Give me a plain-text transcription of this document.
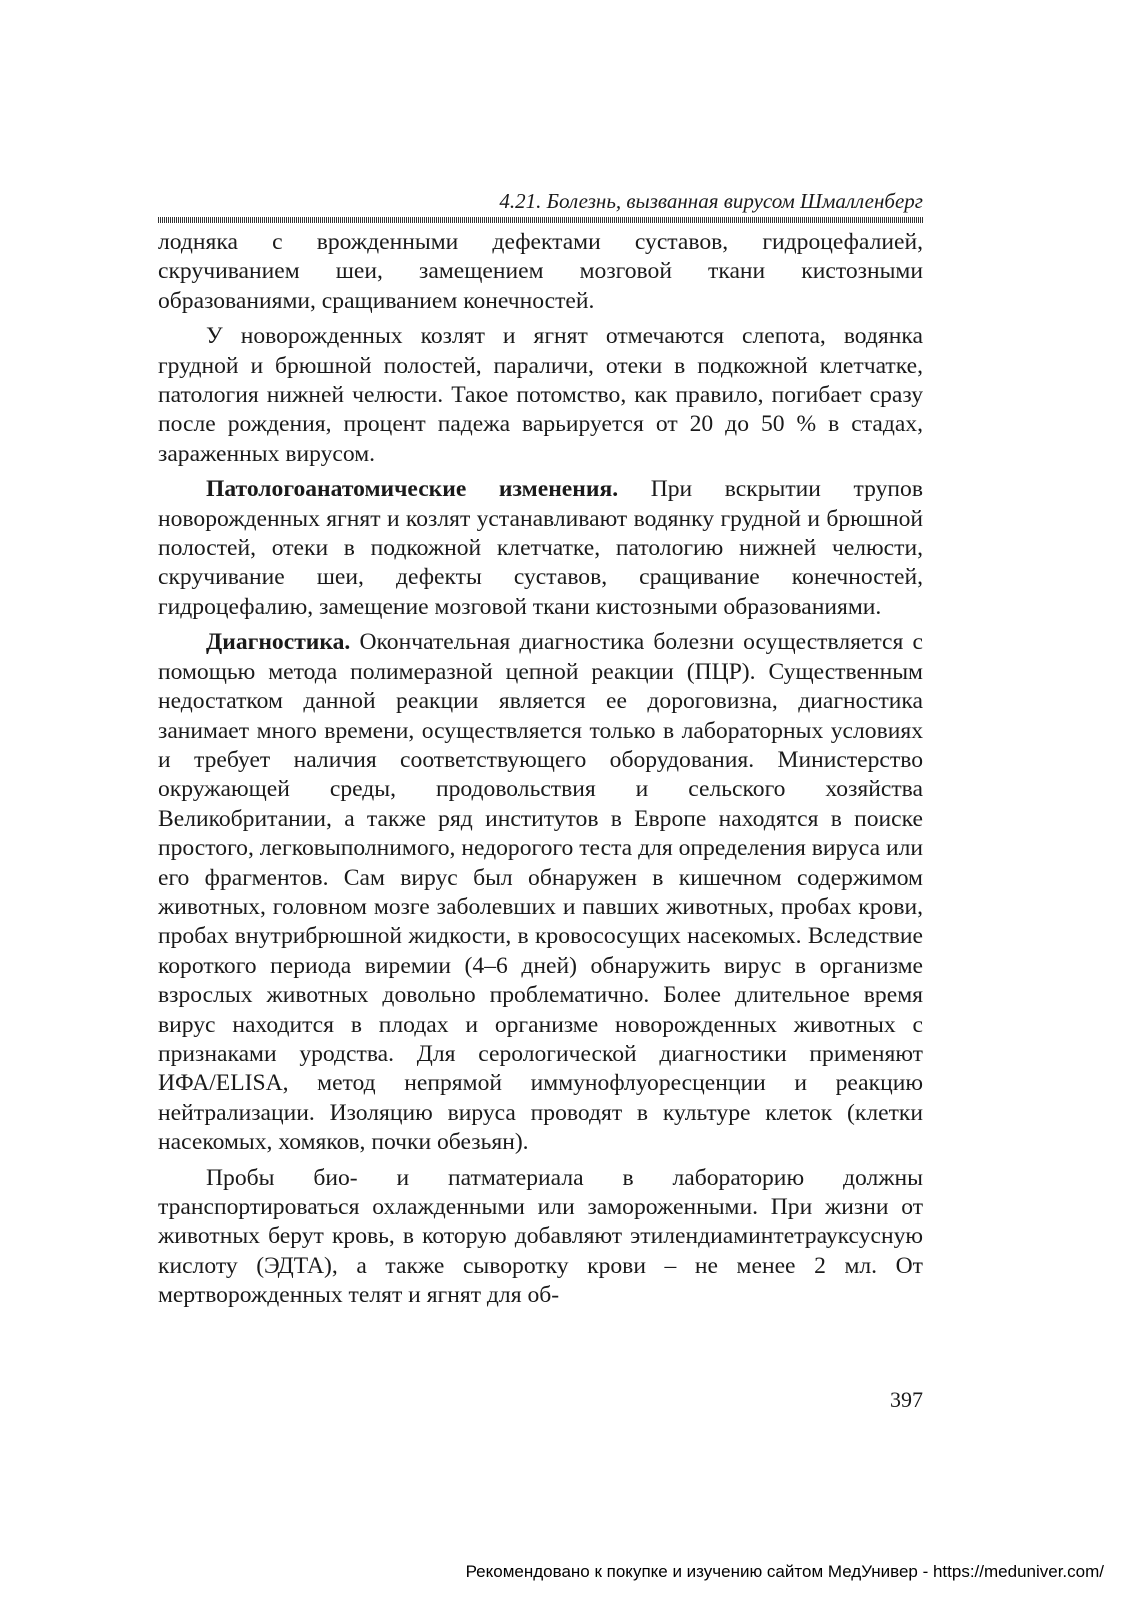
4.21. Болезнь, вызванная вирусом Шмалленберг

лодняка с врожденными дефектами суставов, гидроцефалией, скручиванием шеи, замещением мозговой ткани кистозными образованиями, сращиванием конечностей.

У новорожденных козлят и ягнят отмечаются слепота, водянка грудной и брюшной полостей, параличи, отеки в подкожной клетчатке, патология нижней челюсти. Такое потомство, как правило, погибает сразу после рождения, процент падежа варьируется от 20 до 50 % в стадах, зараженных вирусом.

Патологоанатомические изменения. При вскрытии трупов новорожденных ягнят и козлят устанавливают водянку грудной и брюшной полостей, отеки в подкожной клетчатке, патологию нижней челюсти, скручивание шеи, дефекты суставов, сращивание конечностей, гидроцефалию, замещение мозговой ткани кистозными образованиями.

Диагностика. Окончательная диагностика болезни осуществляется с помощью метода полимеразной цепной реакции (ПЦР). Существенным недостатком данной реакции является ее дороговизна, диагностика занимает много времени, осуществляется только в лабораторных условиях и требует наличия соответствующего оборудования. Министерство окружающей среды, продовольствия и сельского хозяйства Великобритании, а также ряд институтов в Европе находятся в поиске простого, легковыполнимого, недорогого теста для определения вируса или его фрагментов. Сам вирус был обнаружен в кишечном содержимом животных, головном мозге заболевших и павших животных, пробах крови, пробах внутрибрюшной жидкости, в кровососущих насекомых. Вследствие короткого периода виремии (4–6 дней) обнаружить вирус в организме взрослых животных довольно проблематично. Более длительное время вирус находится в плодах и организме новорожденных животных с признаками уродства. Для серологической диагностики применяют ИФА/ELISA, метод непрямой иммунофлуоресценции и реакцию нейтрализации. Изоляцию вируса проводят в культуре клеток (клетки насекомых, хомяков, почки обезьян).

Пробы био- и патматериала в лабораторию должны транспортироваться охлажденными или замороженными. При жизни от животных берут кровь, в которую добавляют этилендиаминтетрауксусную кислоту (ЭДТА), а также сыворотку крови – не менее 2 мл. От мертворожденных телят и ягнят для об-

397
Рекомендовано к покупке и изучению сайтом МедУнивер - https://meduniver.com/
